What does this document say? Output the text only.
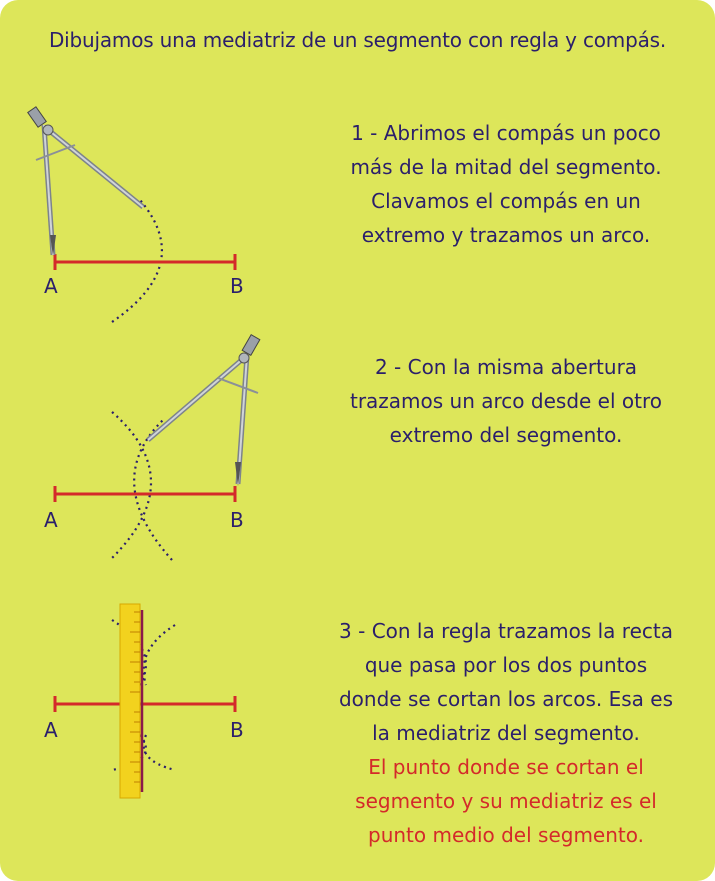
Dibujamos una mediatriz de un segmento con regla y compás.
A	B
1 - Abrimos el compás un poco
más de la mitad del segmento.
Clavamos el compás en un
extremo y trazamos un arco.
A	B
2 - Con la misma abertura
trazamos un arco desde el otro
extremo del segmento.
A	B
3 - Con la regla trazamos la recta
que pasa por los dos puntos
donde se cortan los arcos. Esa es
la mediatriz del segmento.
El punto donde se cortan el
segmento y su mediatriz es el
punto medio del segmento.
